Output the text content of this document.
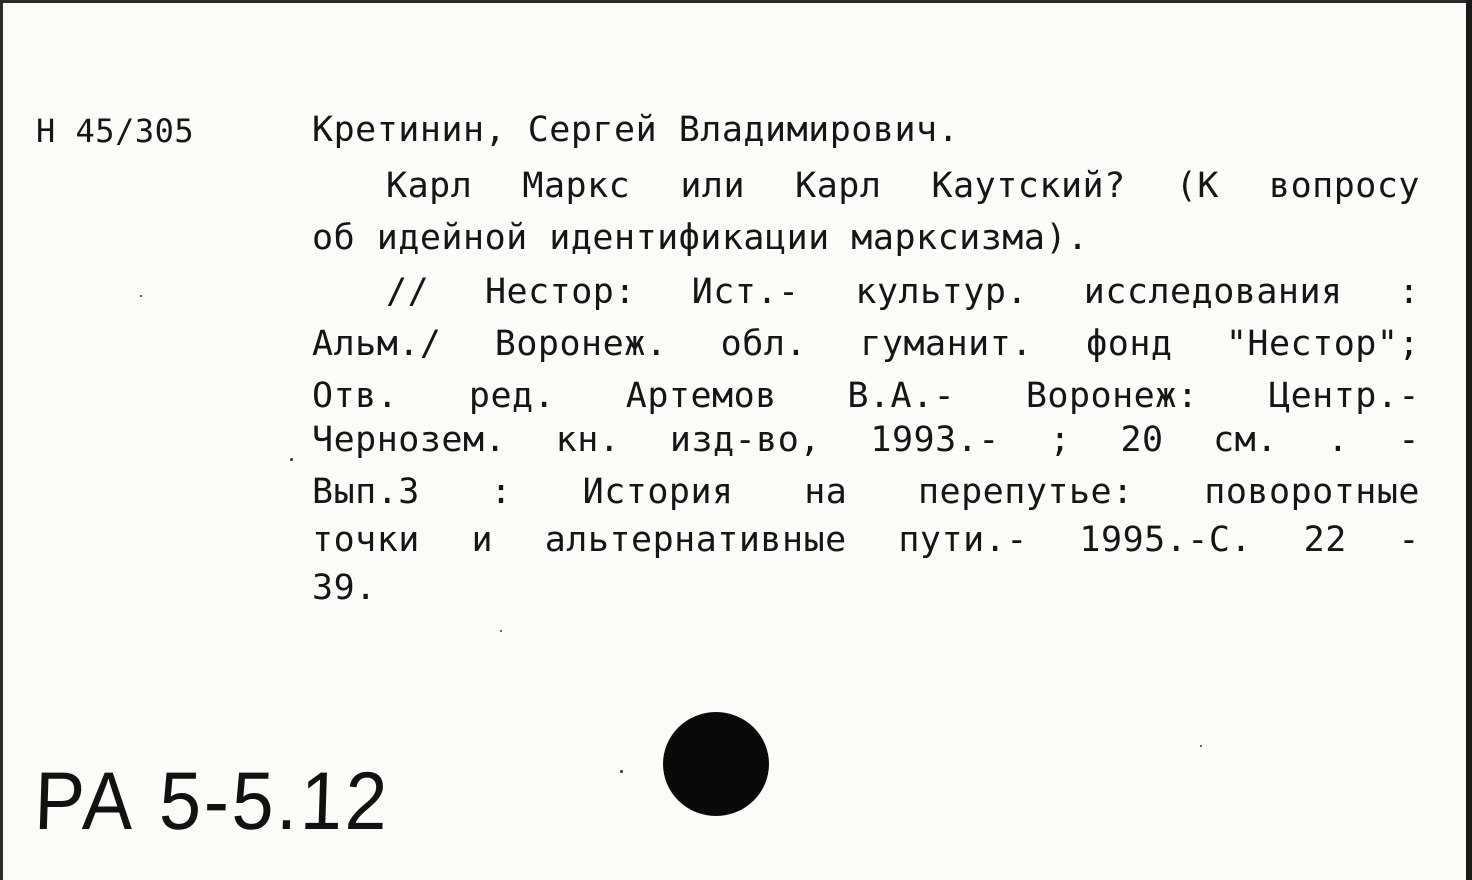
Н 45/305	Кретинин, Сергей Владимирович.
Карл Маркс или Карл Каутский? (К вопросу
об идейной идентификации марксизма).
// Нестор: Ист.- культур. исследования :
Альм./ Воронеж. обл. гуманит. фонд "Нестор";
Отв. ред. Артемов В.А.- Воронеж: Центр.-
Чернозем. кн. изд-во, 1993.- ; 20 см. . -
Вып.3 : История на перепутье: поворотные
точки и альтернативные пути.- 1995.-С. 22 -
39.
РА 5-5.12
